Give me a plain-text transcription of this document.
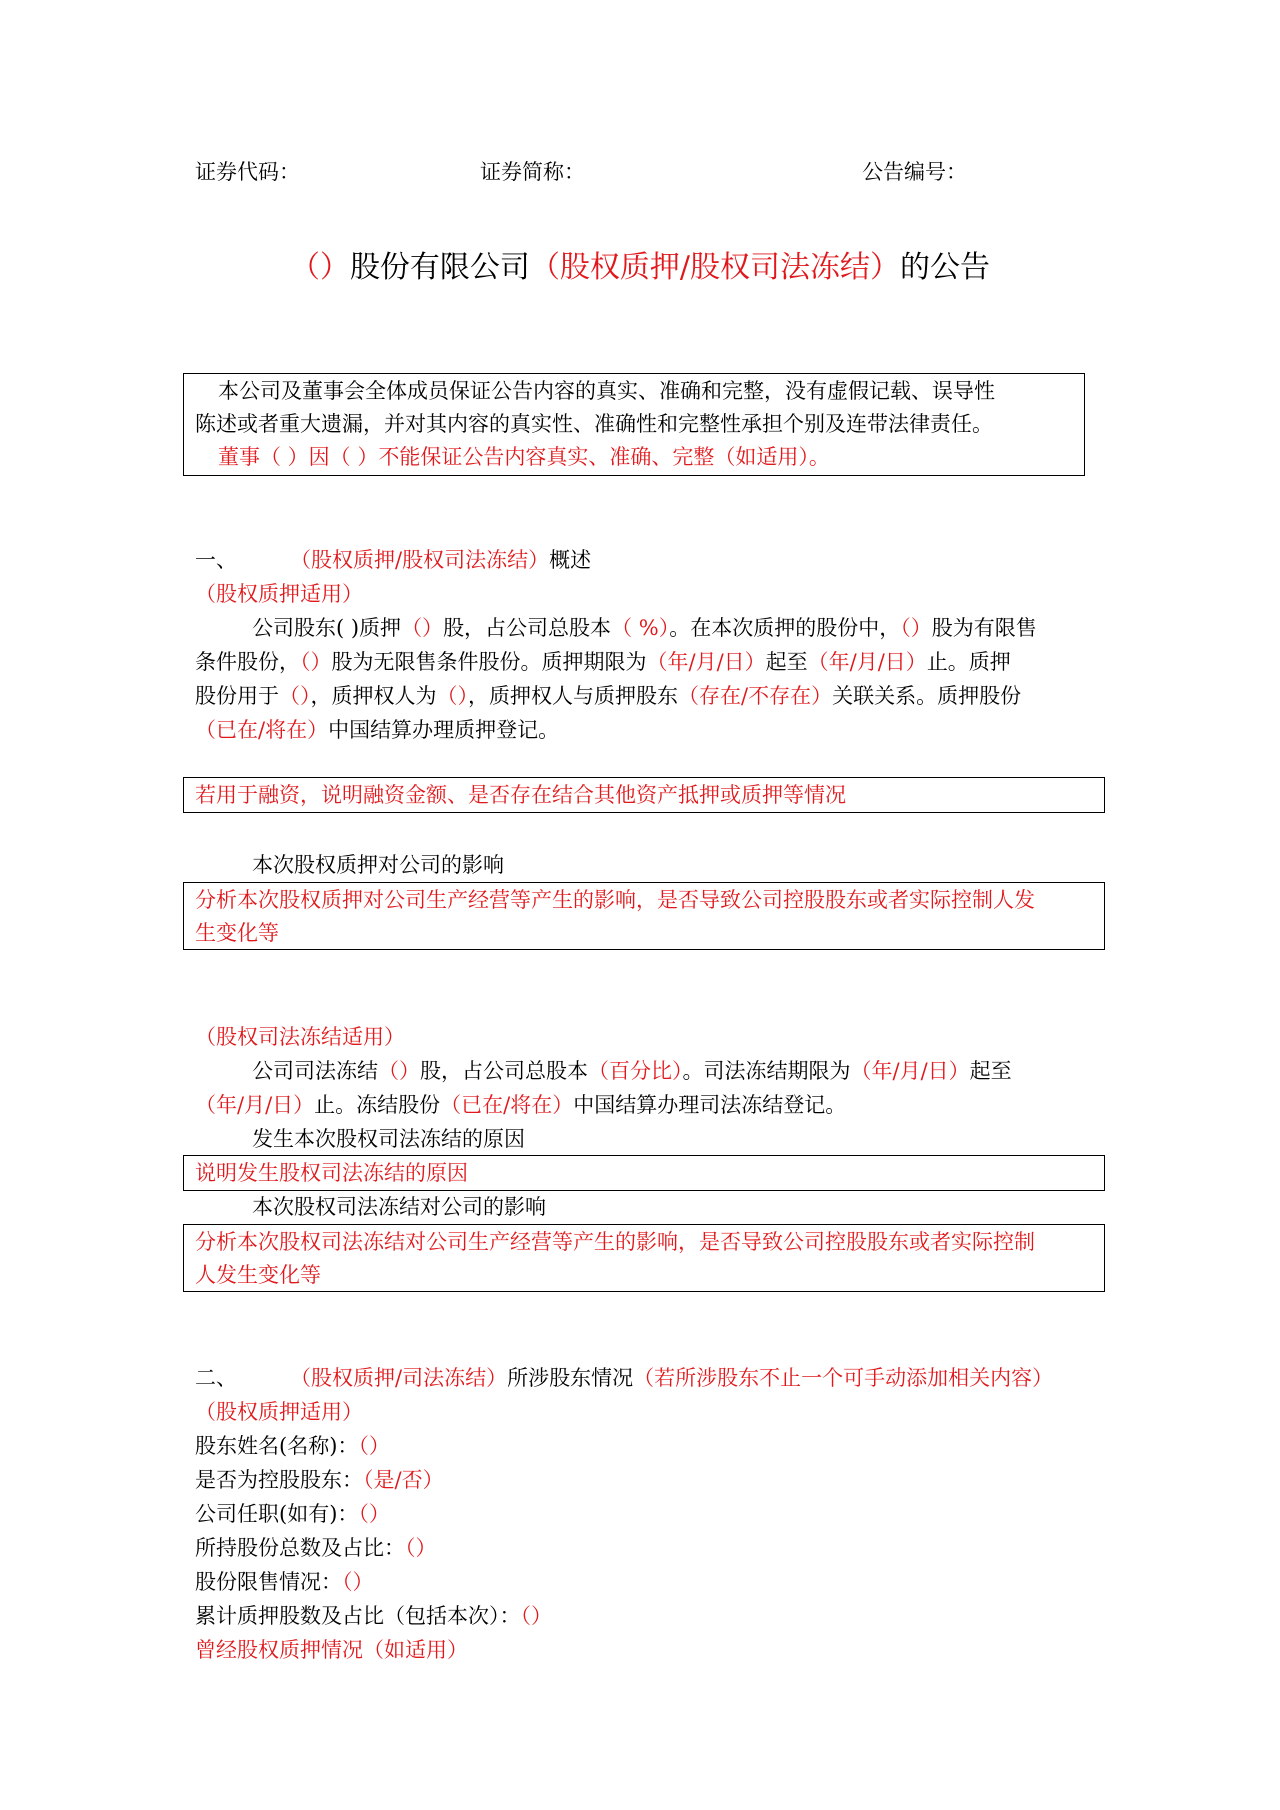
证券代码：	证券简称：	公告编号：
（）股份有限公司（股权质押/股权司法冻结）的公告
本公司及董事会全体成员保证公告内容的真实、准确和完整，没有虚假记载、误导性
陈述或者重大遗漏，并对其内容的真实性、准确性和完整性承担个别及连带法律责任。
董事（ ）因（ ）不能保证公告内容真实、准确、完整（如适用）。
一、	（股权质押/股权司法冻结）概述
（股权质押适用）
公司股东( )质押（）股，占公司总股本（ %）。在本次质押的股份中，（）股为有限售
条件股份，（）股为无限售条件股份。质押期限为（年/月/日）起至（年/月/日）止。质押
股份用于（），质押权人为（），质押权人与质押股东（存在/不存在）关联关系。质押股份
（已在/将在）中国结算办理质押登记。
若用于融资，说明融资金额、是否存在结合其他资产抵押或质押等情况
本次股权质押对公司的影响
分析本次股权质押对公司生产经营等产生的影响，是否导致公司控股股东或者实际控制人发
生变化等
（股权司法冻结适用）
公司司法冻结（）股，占公司总股本（百分比）。司法冻结期限为（年/月/日）起至
（年/月/日）止。冻结股份（已在/将在）中国结算办理司法冻结登记。
发生本次股权司法冻结的原因
说明发生股权司法冻结的原因
本次股权司法冻结对公司的影响
分析本次股权司法冻结对公司生产经营等产生的影响，是否导致公司控股股东或者实际控制
人发生变化等
二、	（股权质押/司法冻结）所涉股东情况（若所涉股东不止一个可手动添加相关内容）
（股权质押适用）
股东姓名(名称)：（）
是否为控股股东：（是/否）
公司任职(如有)：（）
所持股份总数及占比：（）
股份限售情况：（）
累计质押股数及占比（包括本次）：（）
曾经股权质押情况（如适用）
